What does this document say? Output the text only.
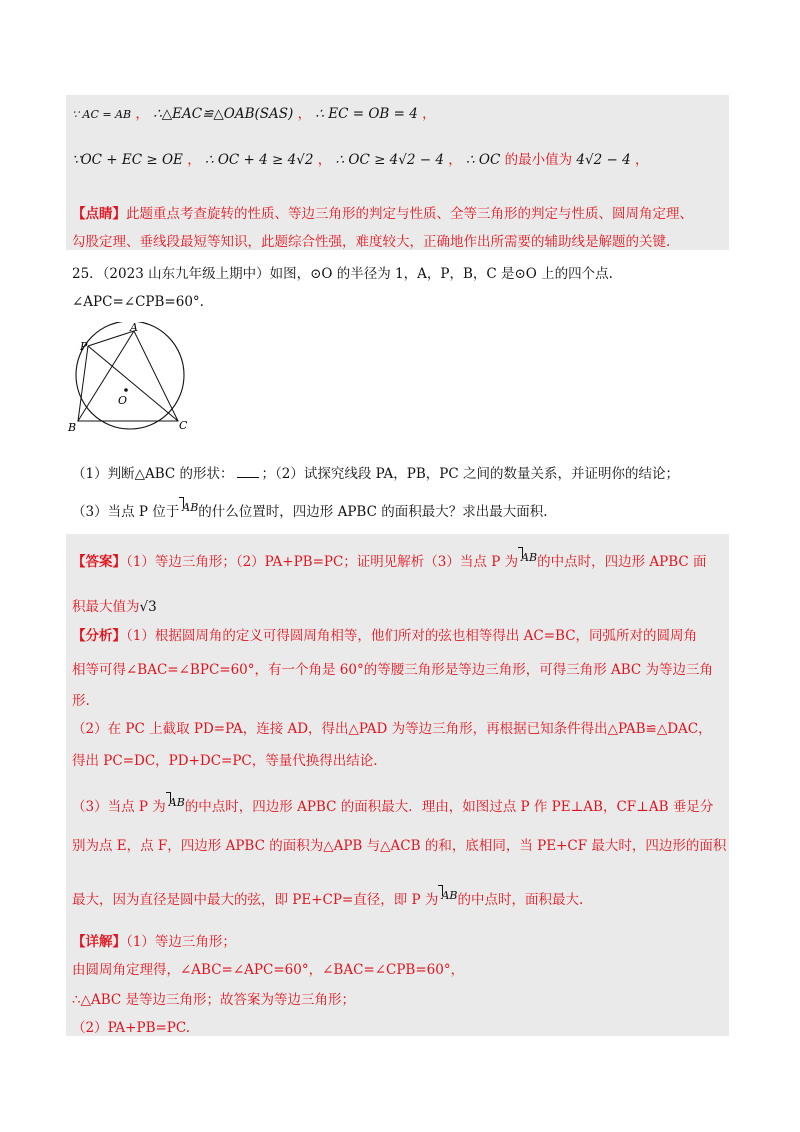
∵ AC = AB ， ∴△EAC≌△OAB(SAS) ， ∴ EC = OB = 4 ，
∵OC + EC ≥ OE ， ∴ OC + 4 ≥ 4√2 ， ∴ OC ≥ 4√2 − 4 ， ∴ OC 的最小值为 4√2 − 4 ，
【点睛】此题重点考查旋转的性质、等边三角形的判定与性质、全等三角形的判定与性质、圆周角定理、
勾股定理、垂线段最短等知识，此题综合性强，难度较大，正确地作出所需要的辅助线是解题的关键.
25．（2023 山东九年级上期中）如图，⊙O 的半径为 1，A，P，B，C 是⊙O 上的四个点.
∠APC=∠CPB=60°.
A
P
O
B	C
（1）判断△ABC 的形状： ；（2）试探究线段 PA，PB，PC 之间的数量关系，并证明你的结论；
（3）当点 P 位于 AB的什么位置时，四边形 APBC 的面积最大？求出最大面积.
【答案】（1）等边三角形；（2）PA+PB=PC；证明见解析（3）当点 P 为 AB的中点时，四边形 APBC 面
积最大值为√3
【分析】（1）根据圆周角的定义可得圆周角相等，他们所对的弦也相等得出 AC=BC，同弧所对的圆周角
相等可得∠BAC=∠BPC=60°，有一个角是 60°的等腰三角形是等边三角形，可得三角形 ABC 为等边三角
形.
（2）在 PC 上截取 PD=PA，连接 AD，得出△PAD 为等边三角形，再根据已知条件得出△PAB≌△DAC，
得出 PC=DC，PD+DC=PC，等量代换得出结论.
（3）当点 P 为 AB的中点时，四边形 APBC 的面积最大．理由，如图过点 P 作 PE⊥AB，CF⊥AB 垂足分
别为点 E，点 F，四边形 APBC 的面积为△APB 与△ACB 的和，底相同，当 PE+CF 最大时，四边形的面积
最大，因为直径是圆中最大的弦，即 PE+CP=直径，即 P 为 AB的中点时，面积最大.
【详解】（1）等边三角形；
由圆周角定理得，∠ABC=∠APC=60°，∠BAC=∠CPB=60°，
∴△ABC 是等边三角形；故答案为等边三角形；
（2）PA+PB=PC.
